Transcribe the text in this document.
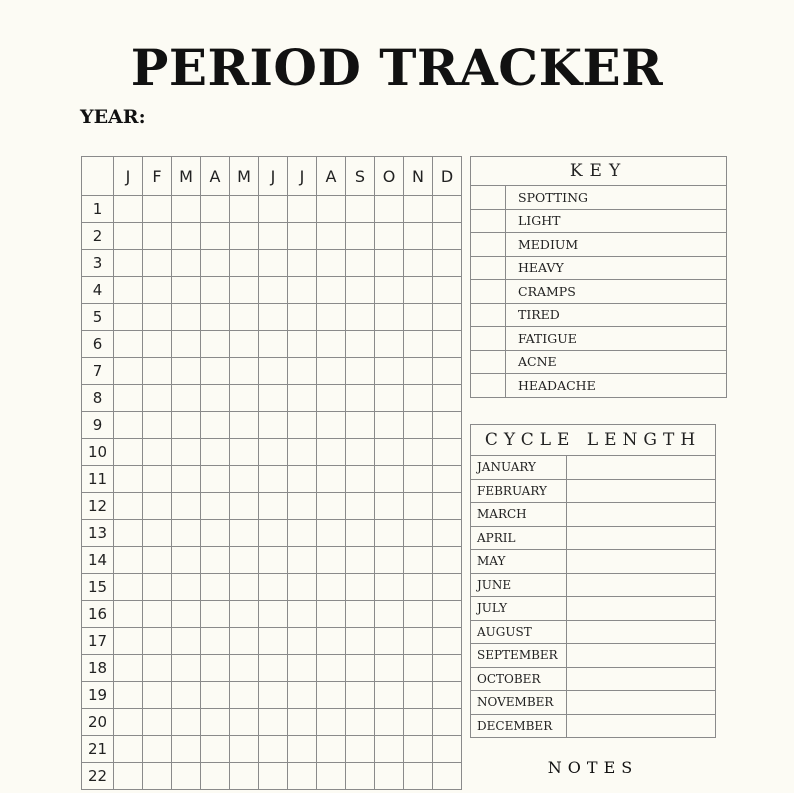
PERIOD TRACKER
YEAR:
	J	F	M	A	M	J	J	A	S	O	N	D
1												
2												
3												
4												
5												
6												
7												
8												
9												
10												
11												
12												
13												
14												
15												
16												
17												
18												
19												
20												
21												
22												
KEY	
	SPOTTING
	LIGHT
	MEDIUM
	HEAVY
	CRAMPS
	TIRED
	FATIGUE
	ACNE
	HEADACHE
CYCLE LENGTH	
JANUARY	
FEBRUARY	
MARCH	
APRIL	
MAY	
JUNE	
JULY	
AUGUST	
SEPTEMBER	
OCTOBER	
NOVEMBER	
DECEMBER	
NOTES
